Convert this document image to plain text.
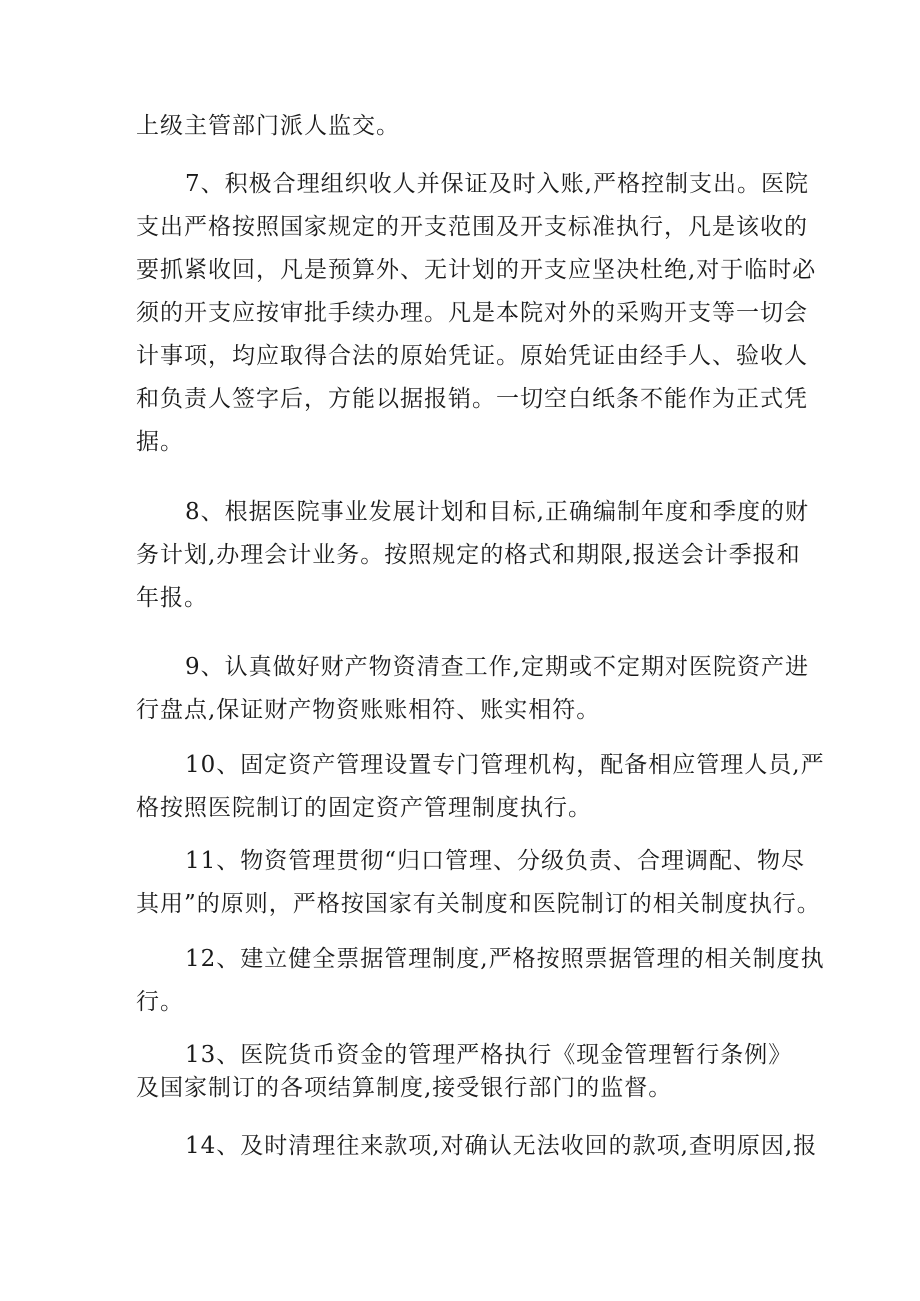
上级主管部门派人监交。
7、积极合理组织收人并保证及时入账,严格控制支出。医院
支出严格按照国家规定的开支范围及开支标准执行，凡是该收的
要抓紧收回，凡是预算外、无计划的开支应坚决杜绝,对于临时必
须的开支应按审批手续办理。凡是本院对外的采购开支等一切会
计事项，均应取得合法的原始凭证。原始凭证由经手人、验收人
和负责人签字后，方能以据报销。一切空白纸条不能作为正式凭
据。
8、根据医院事业发展计划和目标,正确编制年度和季度的财
务计划,办理会计业务。按照规定的格式和期限,报送会计季报和
年报。
9、认真做好财产物资清查工作,定期或不定期对医院资产进
行盘点,保证财产物资账账相符、账实相符。
10、固定资产管理设置专门管理机构，配备相应管理人员,严
格按照医院制订的固定资产管理制度执行。
11、物资管理贯彻“归口管理、分级负责、合理调配、物尽
其用”的原则，严格按国家有关制度和医院制订的相关制度执行。
12、建立健全票据管理制度,严格按照票据管理的相关制度执
行。
13、医院货币资金的管理严格执行《现金管理暂行条例》
及国家制订的各项结算制度,接受银行部门的监督。
14、及时清理往来款项,对确认无法收回的款项,查明原因,报
